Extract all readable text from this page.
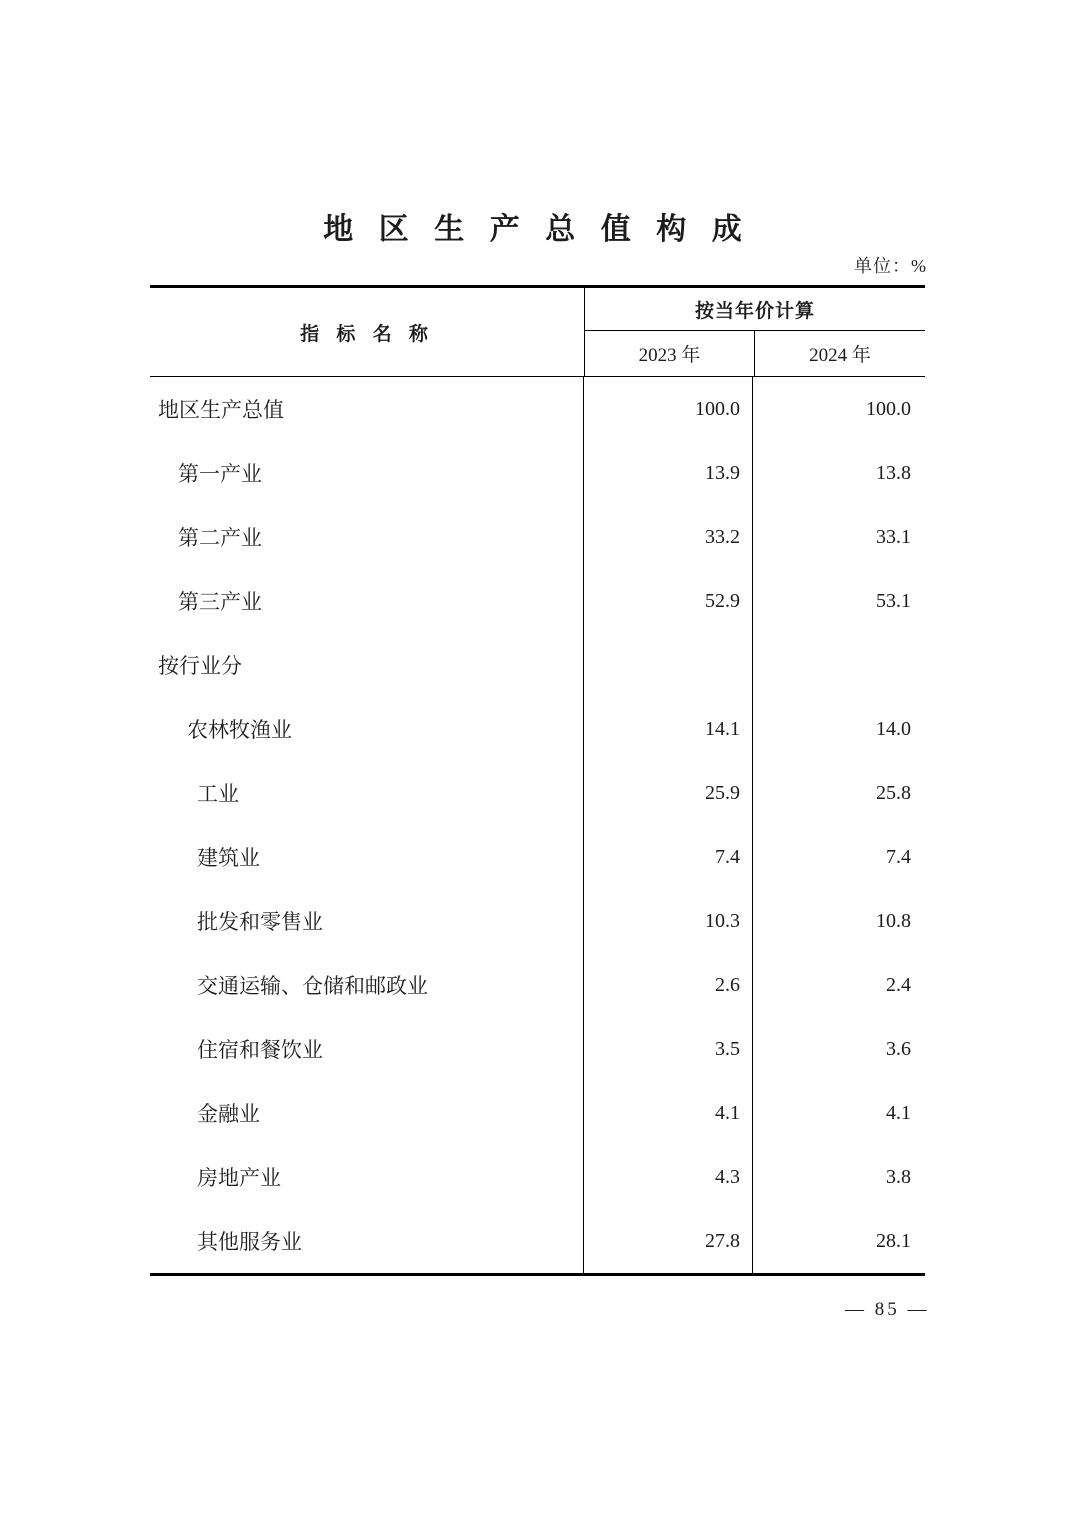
地 区 生 产 总 值 构 成
单位：%
指 标 名 称
按当年价计算
2023 年	2024 年
地区生产总值	100.0	100.0
第一产业	13.9	13.8
第二产业	33.2	33.1
第三产业	52.9	53.1
按行业分
农林牧渔业	14.1	14.0
工业	25.9	25.8
建筑业	7.4	7.4
批发和零售业	10.3	10.8
交通运输、仓储和邮政业	2.6	2.4
住宿和餐饮业	3.5	3.6
金融业	4.1	4.1
房地产业	4.3	3.8
其他服务业	27.8	28.1
— 85 —
